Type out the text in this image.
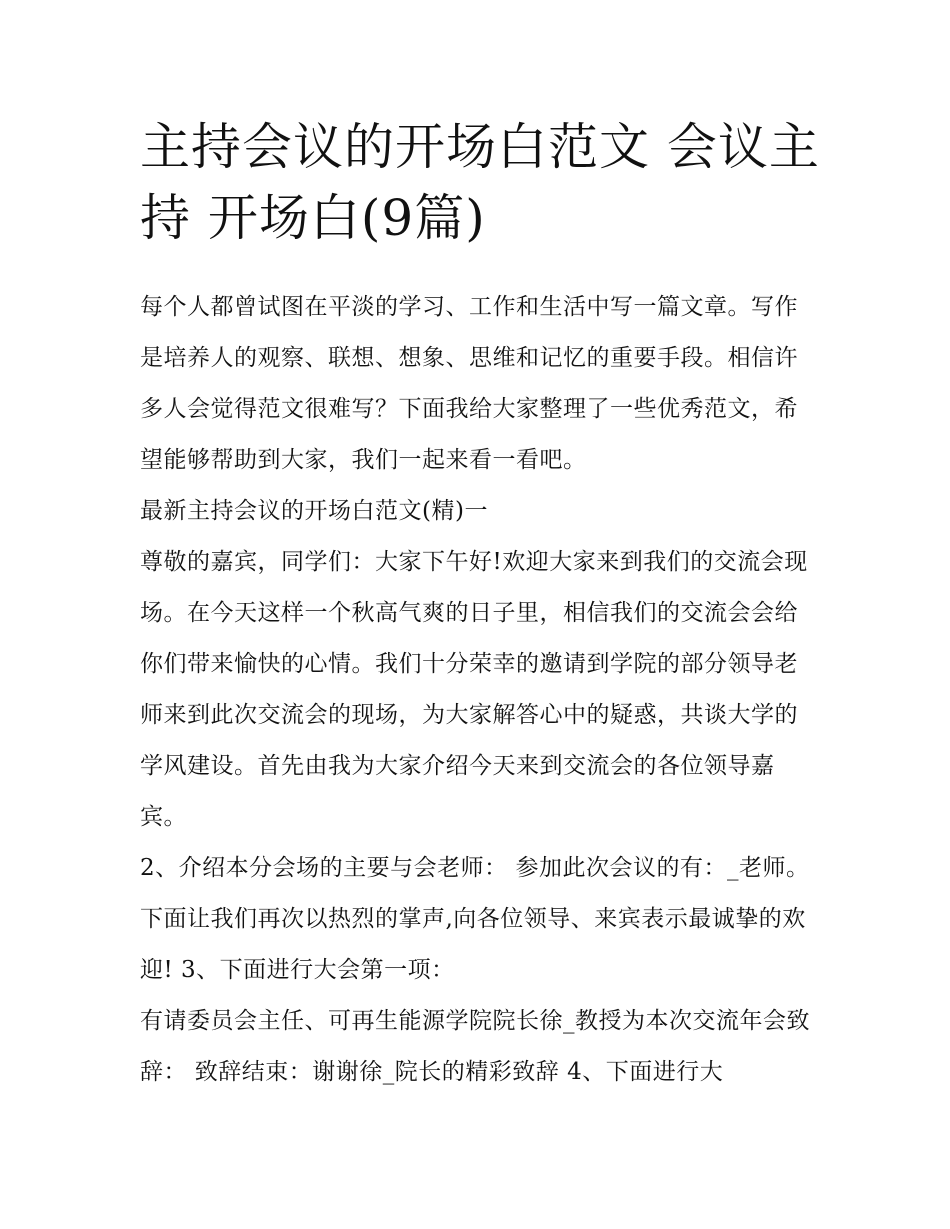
主持会议的开场白范文 会议主持 开场白(9篇)

每个人都曾试图在平淡的学习、工作和生活中写一篇文章。写作是培养人的观察、联想、想象、思维和记忆的重要手段。相信许多人会觉得范文很难写？下面我给大家整理了一些优秀范文，希望能够帮助到大家，我们一起来看一看吧。

最新主持会议的开场白范文(精)一

尊敬的嘉宾，同学们：大家下午好!欢迎大家来到我们的交流会现场。在今天这样一个秋高气爽的日子里，相信我们的交流会会给你们带来愉快的心情。我们十分荣幸的邀请到学院的部分领导老师来到此次交流会的现场，为大家解答心中的疑惑，共谈大学的学风建设。首先由我为大家介绍今天来到交流会的各位领导嘉宾。

2、介绍本分会场的主要与会老师： 参加此次会议的有：_老师。下面让我们再次以热烈的掌声,向各位领导、来宾表示最诚挚的欢迎! 3、下面进行大会第一项：

有请委员会主任、可再生能源学院院长徐_教授为本次交流年会致辞： 致辞结束：谢谢徐_院长的精彩致辞 4、下面进行大
